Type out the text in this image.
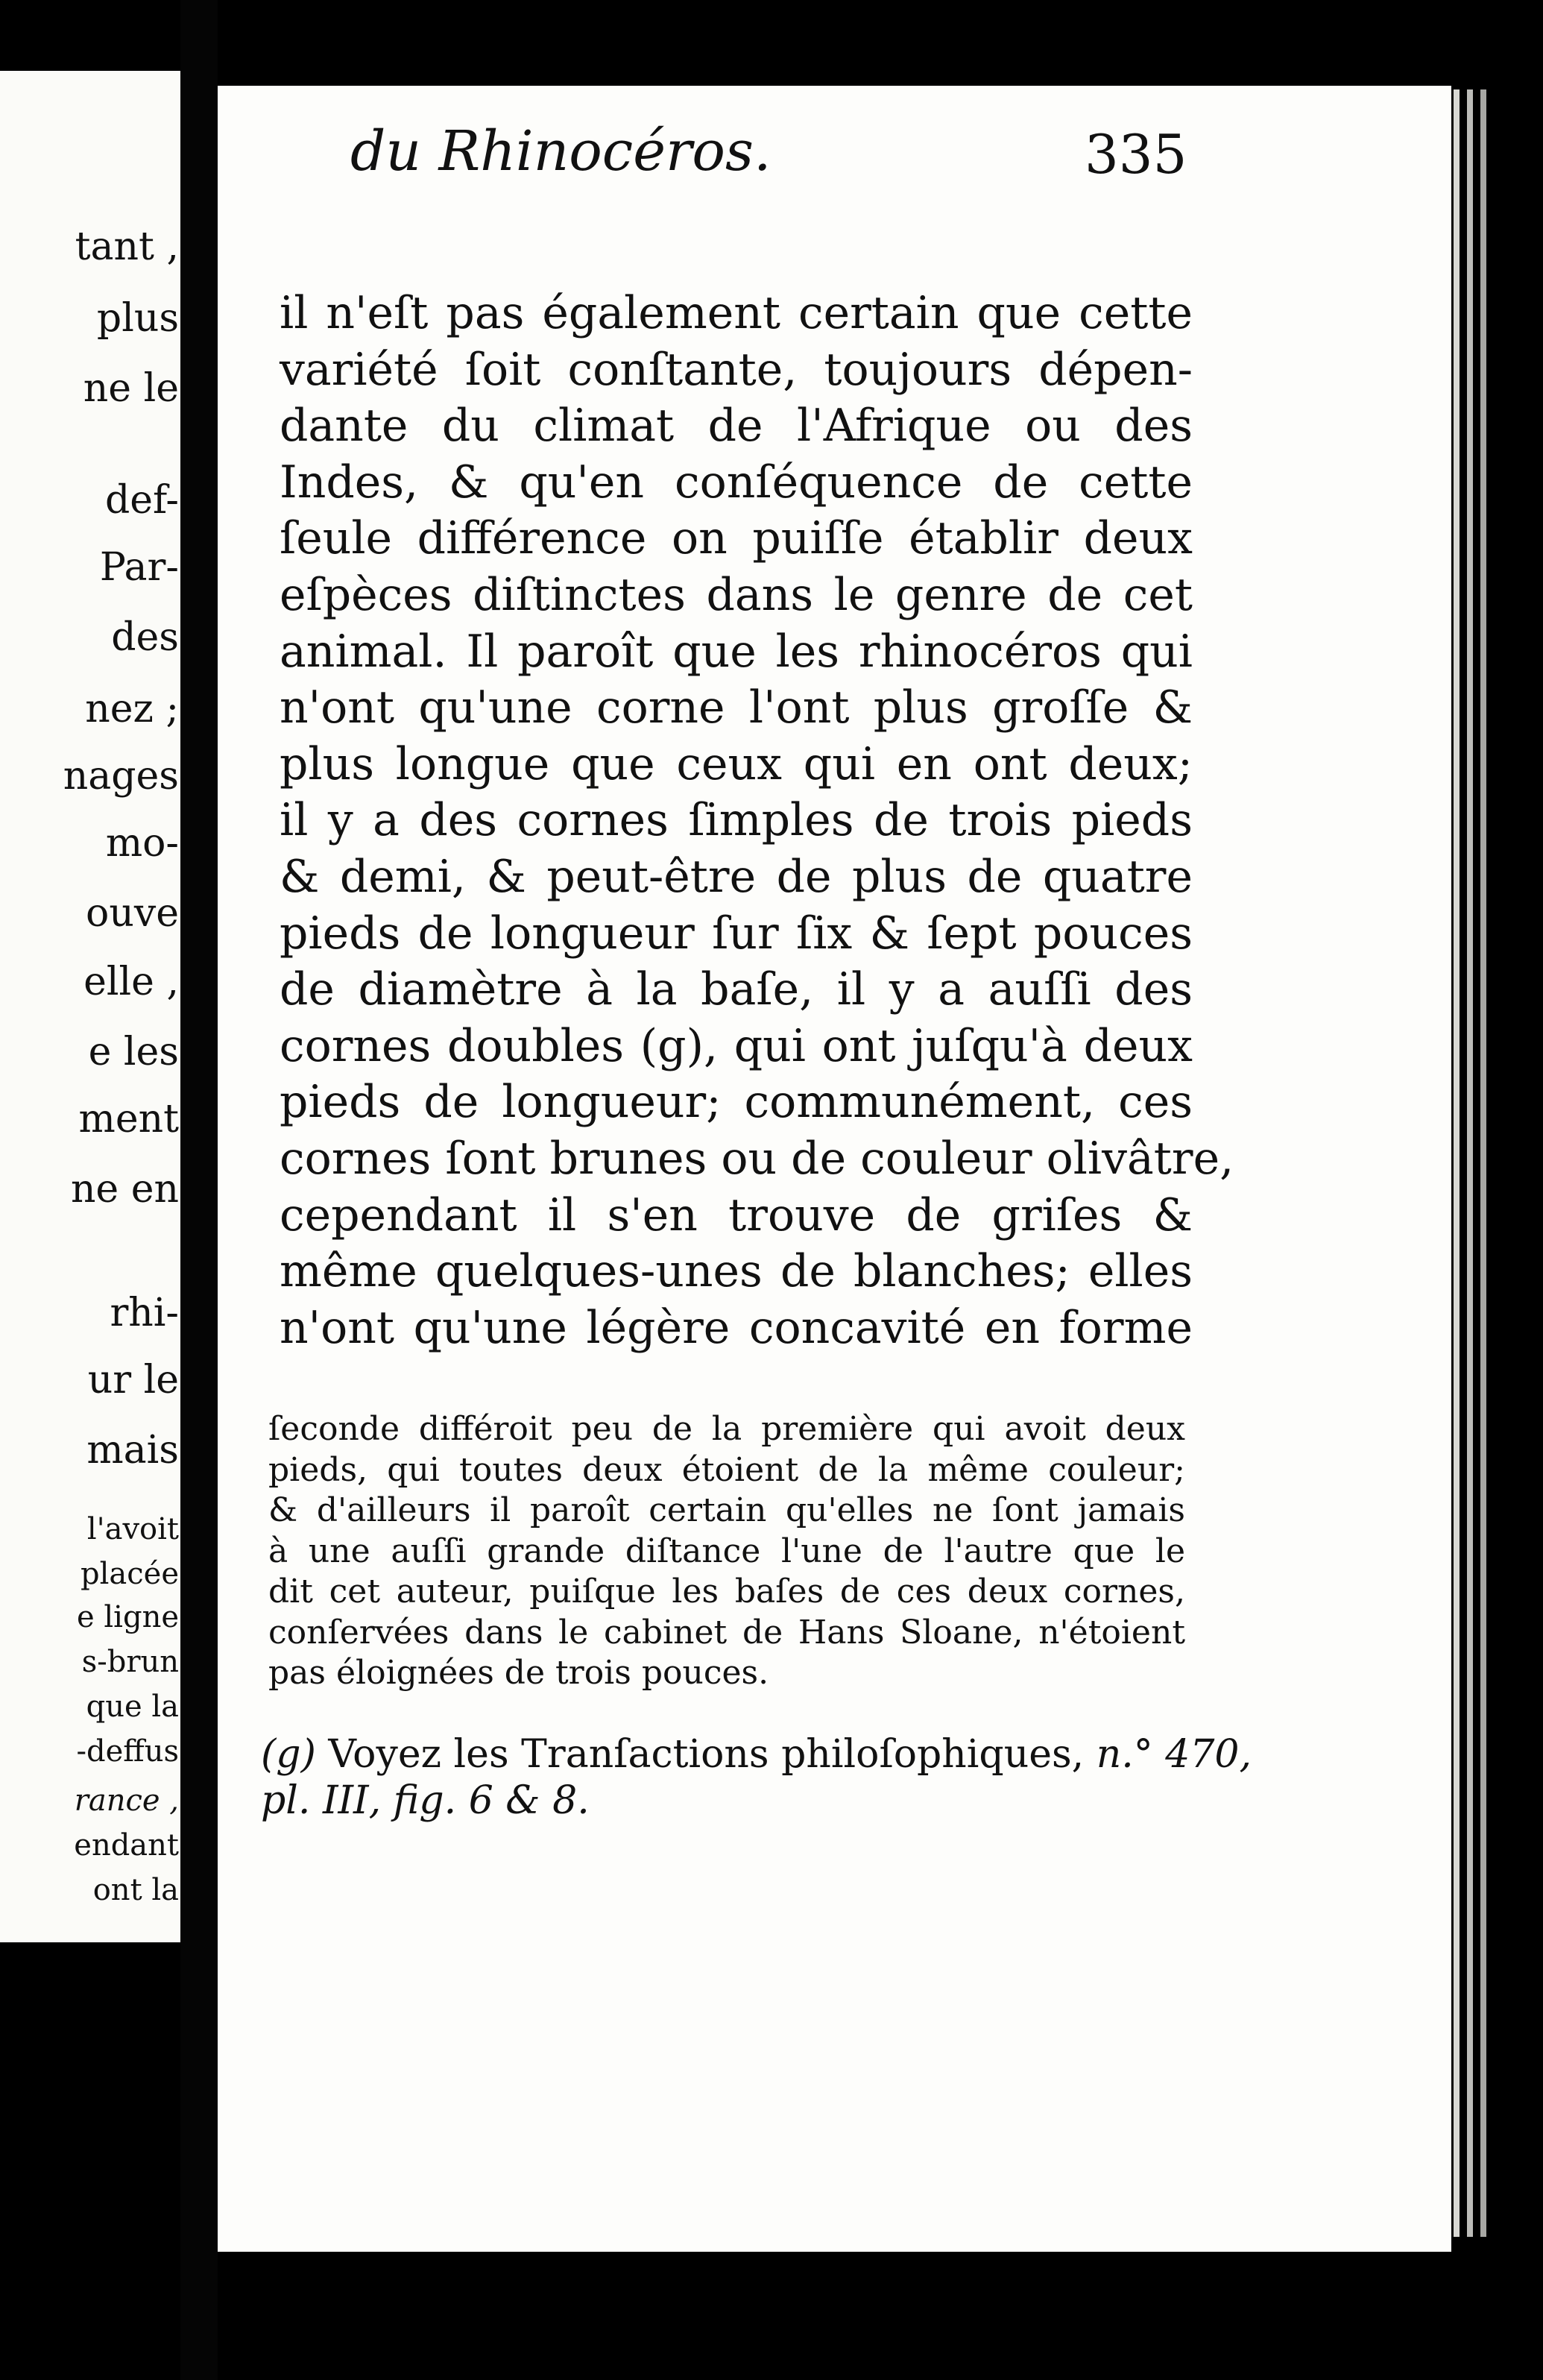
tant ,
plus
ne le
def-
Par-
des
nez ;
nages
mo-
ouve
elle ,
e les
ment
ne en
rhi-
ur le
mais
l'avoit
placée
e ligne
s-brun
que la
-deffus
rance ,
endant
ont la
du Rhinocéros.	335
il n'eſt pas également certain que cette
variété ſoit conſtante, toujours dépen-
dante du climat de l'Afrique ou des
Indes, & qu'en conſéquence de cette
ſeule différence on puiſſe établir deux
eſpèces diſtinctes dans le genre de cet
animal. Il paroît que les rhinocéros qui
n'ont qu'une corne l'ont plus groſſe &
plus longue que ceux qui en ont deux;
il y a des cornes ſimples de trois pieds
& demi, & peut-être de plus de quatre
pieds de longueur ſur ſix & ſept pouces
de diamètre à la baſe, il y a auſſi des
cornes doubles (g), qui ont juſqu'à deux
pieds de longueur; communément, ces
cornes ſont brunes ou de couleur olivâtre,
cependant il s'en trouve de griſes &
même quelques-unes de blanches; elles
n'ont qu'une légère concavité en forme
ſeconde différoit peu de la première qui avoit deux
pieds, qui toutes deux étoient de la même couleur;
& d'ailleurs il paroît certain qu'elles ne ſont jamais
à une auſſi grande diſtance l'une de l'autre que le
dit cet auteur, puiſque les baſes de ces deux cornes,
conſervées dans le cabinet de Hans Sloane, n'étoient
pas éloignées de trois pouces.
(g) Voyez les Tranſactions philoſophiques, n.° 470,
pl. III, fig. 6 & 8.
